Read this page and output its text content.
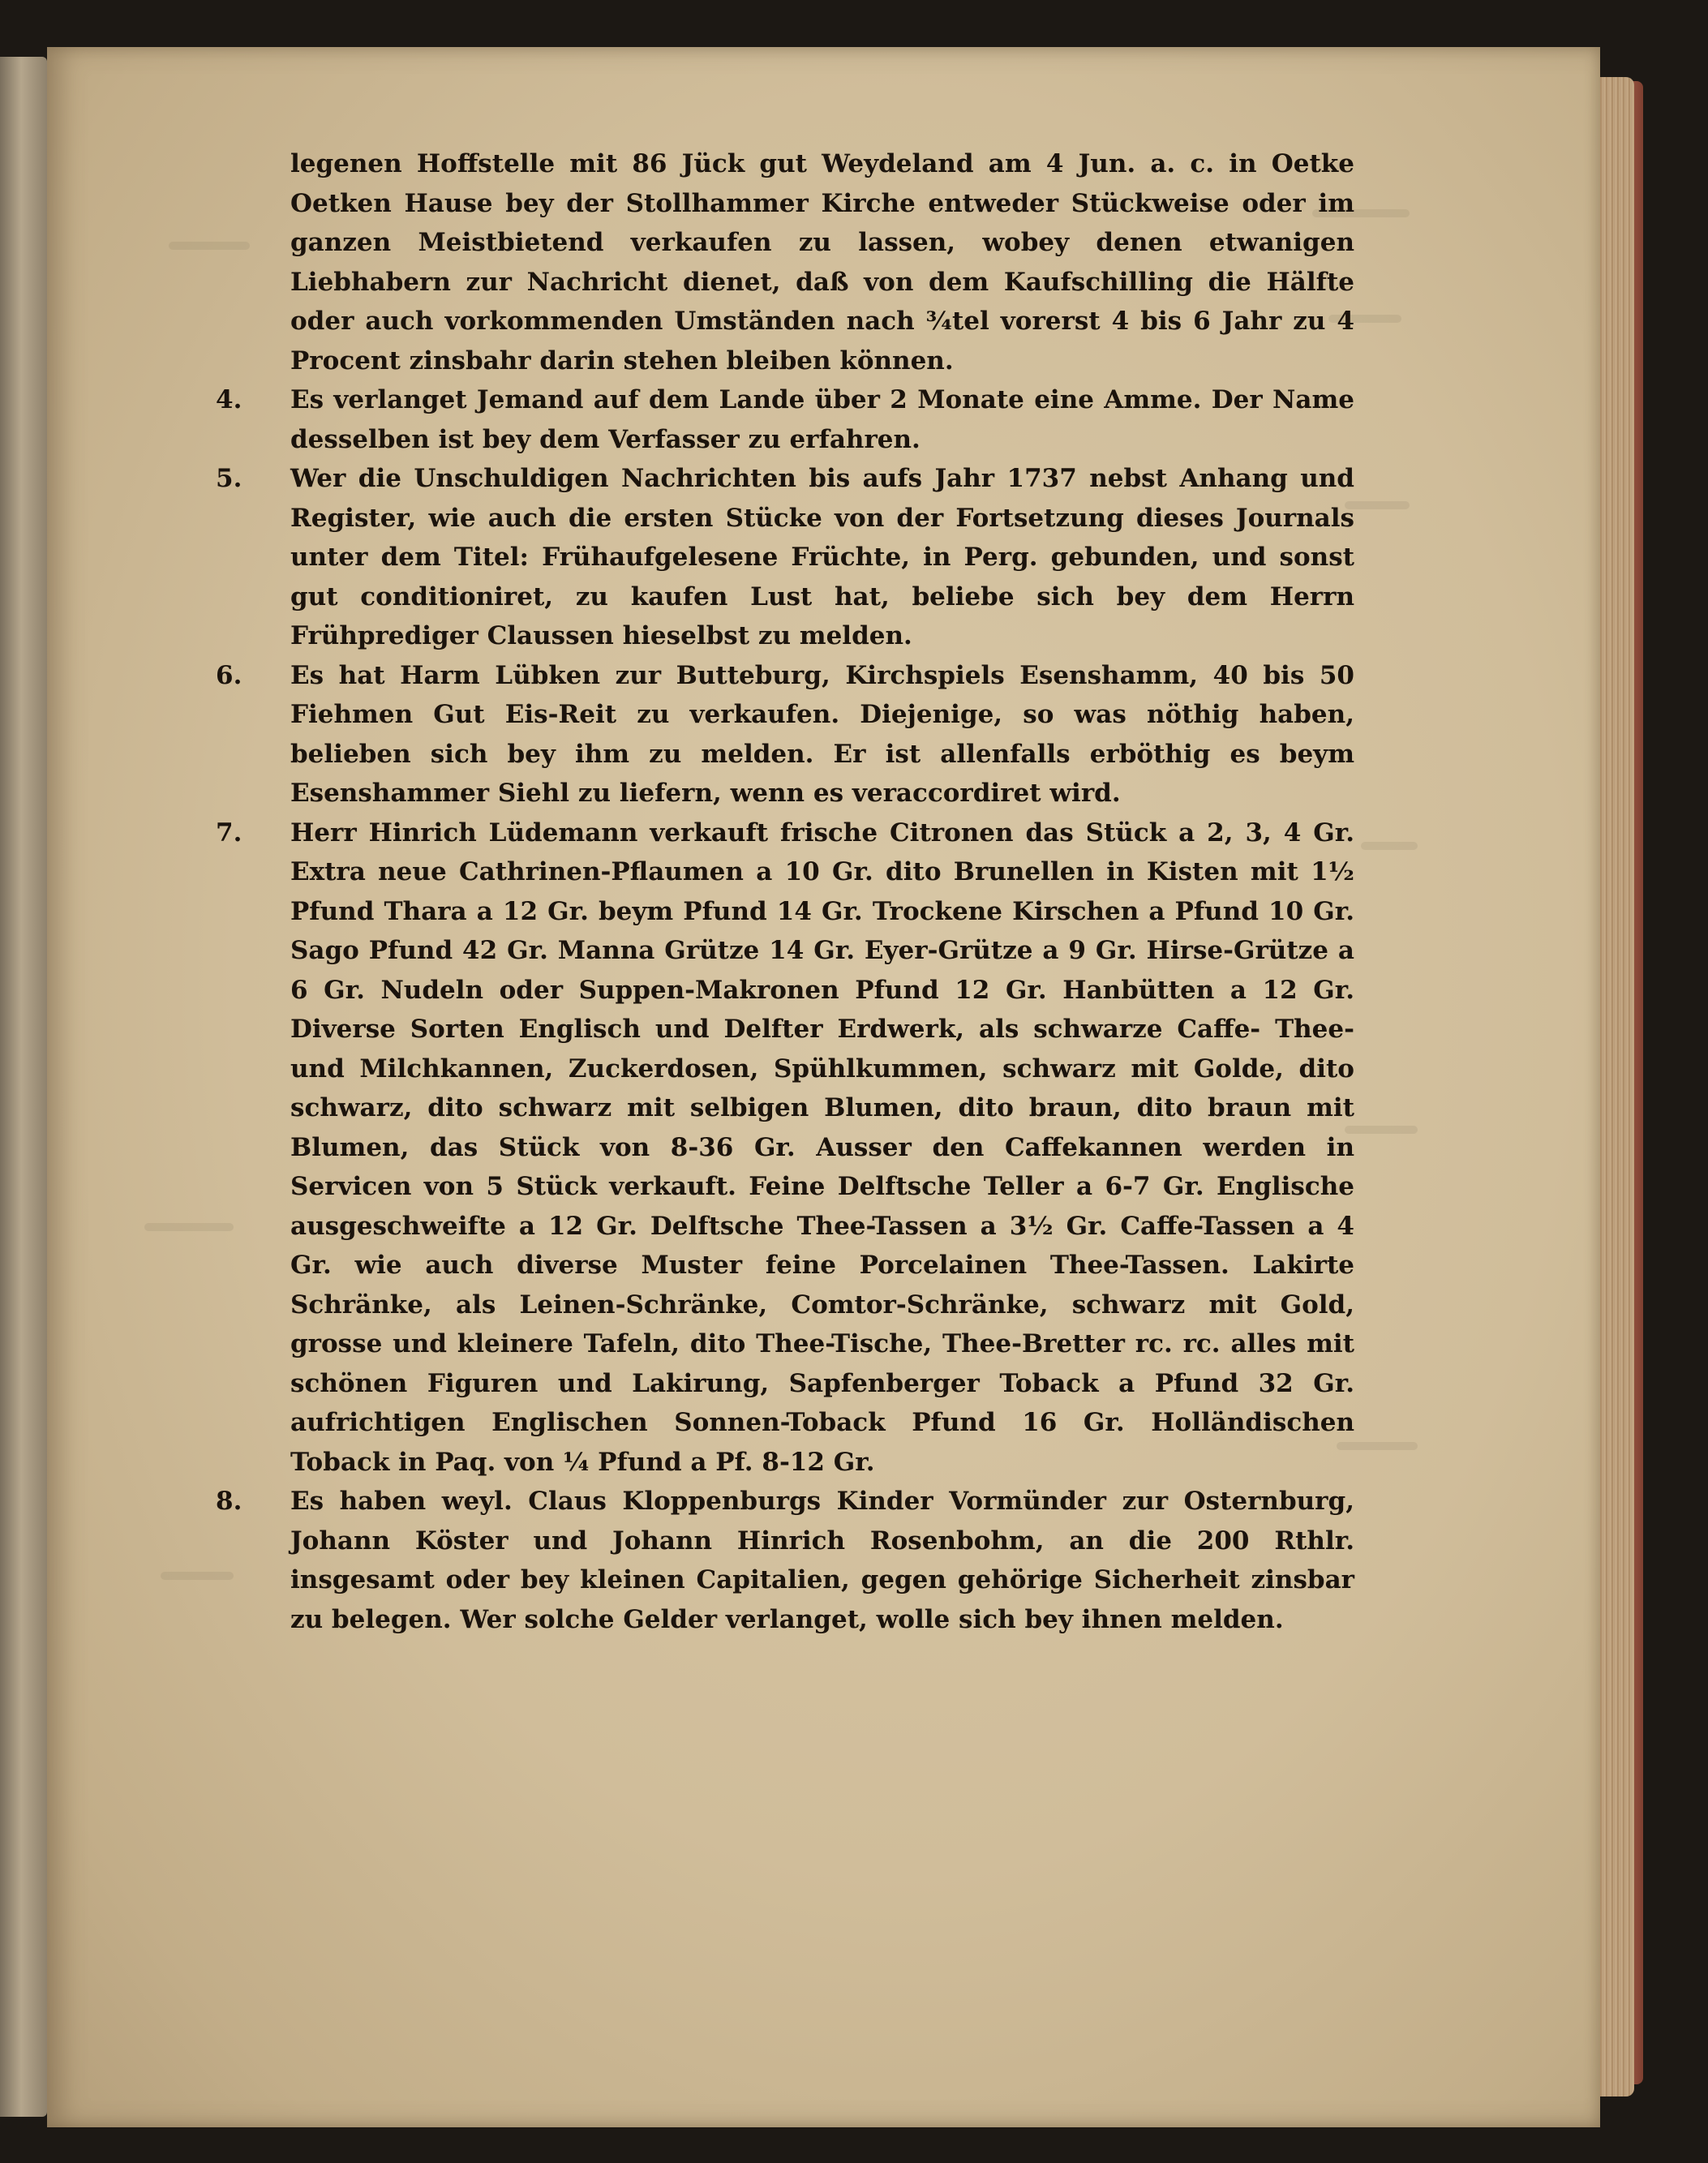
legenen Hoffstelle mit 86 Jück gut Weydeland am 4 Jun. a. c. in Oetke Oetken Hause bey der Stollhammer Kirche entweder Stückweise oder im ganzen Meistbietend verkaufen zu lassen, wobey denen etwanigen Liebhabern zur Nachricht dienet, daß von dem Kaufschilling die Hälfte oder auch vorkommenden Umständen nach ¾tel vorerst 4 bis 6 Jahr zu 4 Procent zinsbahr darin stehen bleiben können.
4.	Es verlanget Jemand auf dem Lande über 2 Monate eine Amme. Der Name desselben ist bey dem Verfasser zu erfahren.
5.	Wer die Unschuldigen Nachrichten bis aufs Jahr 1737 nebst Anhang und Register, wie auch die ersten Stücke von der Fortsetzung dieses Journals unter dem Titel: Frühaufgelesene Früchte, in Perg. gebunden, und sonst gut conditioniret, zu kaufen Lust hat, beliebe sich bey dem Herrn Frühprediger Claussen hieselbst zu melden.
6.	Es hat Harm Lübken zur Butteburg, Kirchspiels Esenshamm, 40 bis 50 Fiehmen Gut Eis-Reit zu verkaufen. Diejenige, so was nöthig haben, belieben sich bey ihm zu melden. Er ist allenfalls erböthig es beym Esenshammer Siehl zu liefern, wenn es veraccordiret wird.
7.	Herr Hinrich Lüdemann verkauft frische Citronen das Stück a 2, 3, 4 Gr. Extra neue Cathrinen-Pflaumen a 10 Gr. dito Brunellen in Kisten mit 1½ Pfund Thara a 12 Gr. beym Pfund 14 Gr. Trockene Kirschen a Pfund 10 Gr. Sago Pfund 42 Gr. Manna Grütze 14 Gr. Eyer-Grütze a 9 Gr. Hirse-Grütze a 6 Gr. Nudeln oder Suppen-Makronen Pfund 12 Gr. Hanbütten a 12 Gr. Diverse Sorten Englisch und Delfter Erdwerk, als schwarze Caffe- Thee- und Milchkannen, Zuckerdosen, Spühlkummen, schwarz mit Golde, dito schwarz, dito schwarz mit selbigen Blumen, dito braun, dito braun mit Blumen, das Stück von 8-36 Gr. Ausser den Caffekannen werden in Servicen von 5 Stück verkauft. Feine Delftsche Teller a 6-7 Gr. Englische ausgeschweifte a 12 Gr. Delftsche Thee-Tassen a 3½ Gr. Caffe-Tassen a 4 Gr. wie auch diverse Muster feine Porcelainen Thee-Tassen. Lakirte Schränke, als Leinen-Schränke, Comtor-Schränke, schwarz mit Gold, grosse und kleinere Tafeln, dito Thee-Tische, Thee-Bretter rc. rc. alles mit schönen Figuren und Lakirung, Sapfenberger Toback a Pfund 32 Gr. aufrichtigen Englischen Sonnen-Toback Pfund 16 Gr. Holländischen Toback in Paq. von ¼ Pfund a Pf. 8-12 Gr.
8.	Es haben weyl. Claus Kloppenburgs Kinder Vormünder zur Osternburg, Johann Köster und Johann Hinrich Rosenbohm, an die 200 Rthlr. insgesamt oder bey kleinen Capitalien, gegen gehörige Sicherheit zinsbar zu belegen. Wer solche Gelder verlanget, wolle sich bey ihnen melden.
